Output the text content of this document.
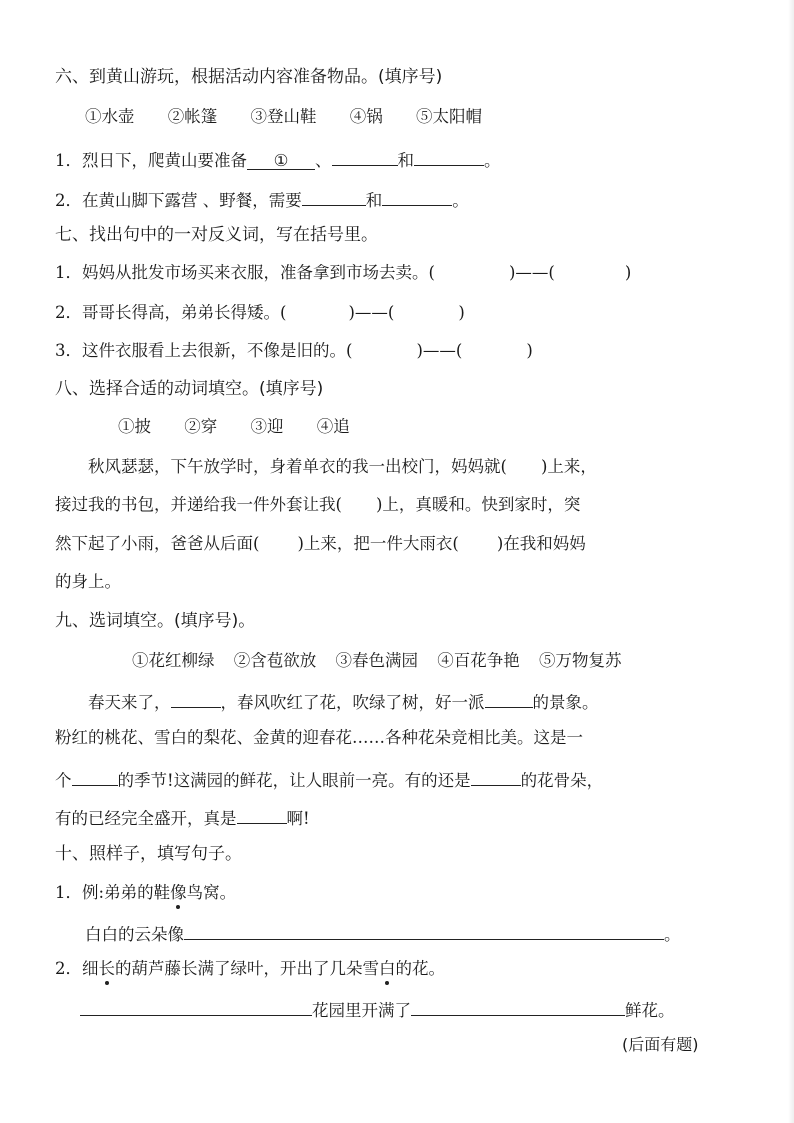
六、到黄山游玩，根据活动内容准备物品。(填序号)
①水壶 ②帐篷 ③登山鞋 ④锅 ⑤太阳帽
1．烈日下，爬黄山要准备 ① 、	和	。
2．在黄山脚下露营 、野餐，需要	和	。
七、找出句中的一对反义词，写在括号里。
1．妈妈从批发市场买来衣服，准备拿到市场去卖。(	)——(	)
2．哥哥长得高，弟弟长得矮。(	)——(	)
3．这件衣服看上去很新，不像是旧的。(	)——(	)
八、选择合适的动词填空。(填序号)
①披 ②穿 ③迎 ④追
秋风瑟瑟，下午放学时，身着单衣的我一出校门，妈妈就( )上来，
接过我的书包，并递给我一件外套让我( )上，真暖和。快到家时，突
然下起了小雨，爸爸从后面( )上来，把一件大雨衣( )在我和妈妈
的身上。
九、选词填空。(填序号)。
①花红柳绿 ②含苞欲放 ③春色满园 ④百花争艳 ⑤万物复苏
春天来了，	，春风吹红了花，吹绿了树，好一派	的景象。
粉红的桃花、雪白的梨花、金黄的迎春花……各种花朵竞相比美。这是一
个	的季节!这满园的鲜花，让人眼前一亮。有的还是	的花骨朵，
有的已经完全盛开，真是	啊!
十、照样子，填写句子。
1．例:弟弟的鞋像鸟窝。
白白的云朵像	。
2．细长的葫芦藤长满了绿叶，开出了几朵雪白的花。
花园里开满了	鲜花。
(后面有题)
